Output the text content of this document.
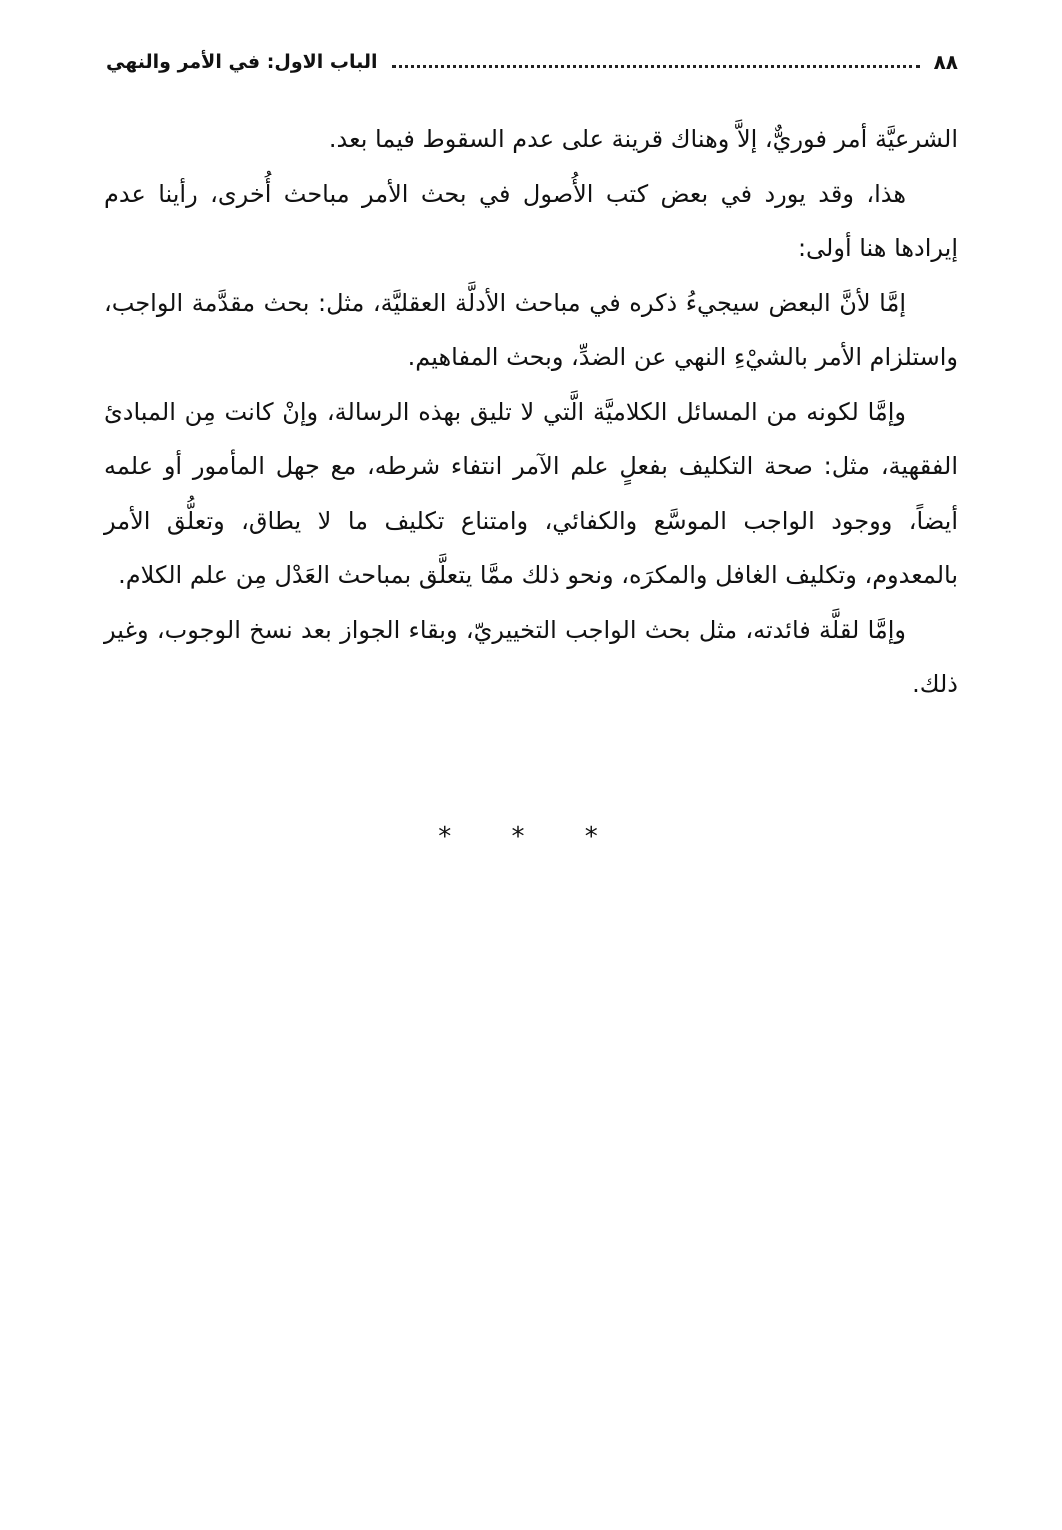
٨٨
الباب الاول: في الأمر والنهي

الشرعيَّة أمر فوريٌّ، إلاَّ وهناك قرينة على عدم السقوط فيما بعد.

هذا، وقد يورد في بعض كتب الأُصول في بحث الأمر مباحث أُخرى، رأينا عدم إيرادها هنا أولى:

إمَّا لأنَّ البعض سيجيءُ ذكره في مباحث الأدلَّة العقليَّة، مثل: بحث مقدَّمة الواجب، واستلزام الأمر بالشيْءِ النهي عن الضدِّ، وبحث المفاهيم.

وإمَّا لكونه من المسائل الكلاميَّة الَّتي لا تليق بهذه الرسالة، وإنْ كانت مِن المبادئ الفقهية، مثل: صحة التكليف بفعلٍ علم الآمر انتفاء شرطه، مع جهل المأمور أو علمه أيضاً، ووجود الواجب الموسَّع والكفائي، وامتناع تكليف ما لا يطاق، وتعلُّق الأمر بالمعدوم، وتكليف الغافل والمكرَه، ونحو ذلك ممَّا يتعلَّق بمباحث العَدْل مِن علم الكلام.

وإمَّا لقلَّة فائدته، مثل بحث الواجب التخييريّ، وبقاء الجواز بعد نسخ الوجوب، وغير ذلك.

* * *
